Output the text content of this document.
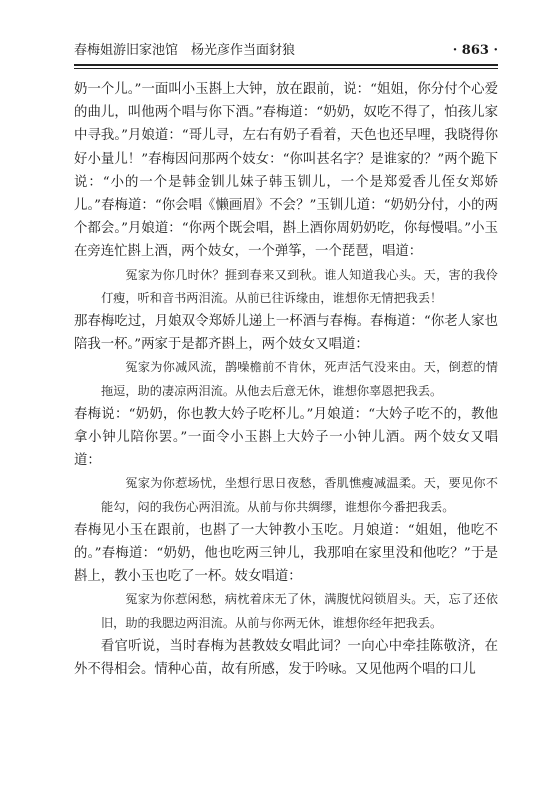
春梅姐游旧家池馆　杨光彦作当面豺狼	· 863 ·

奶一个儿。”一面叫小玉斟上大钟，放在跟前，说：“姐姐，你分付个心爱的曲儿，叫他两个唱与你下酒。”春梅道：“奶奶，奴吃不得了，怕孩儿家中寻我。”月娘道：“哥儿寻，左右有奶子看着，天色也还早哩，我晓得你好小量儿！”春梅因问那两个妓女：“你叫甚名字？是谁家的？”两个跪下说：“小的一个是韩金钏儿妹子韩玉钏儿，一个是郑爱香儿侄女郑娇儿。”春梅道：“你会唱《懒画眉》不会？”玉钏儿道：“奶奶分付，小的两个都会。”月娘道：“你两个既会唱，斟上酒你周奶奶吃，你每慢唱。”小玉在旁连忙斟上酒，两个妓女，一个弹筝，一个琵琶，唱道：

冤家为你几时休？捱到春来又到秋。谁人知道我心头。天，害的我伶仃瘦，听和音书两泪流。从前已往诉缘由，谁想你无情把我丢！

那春梅吃过，月娘双令郑娇儿递上一杯酒与春梅。春梅道：“你老人家也陪我一杯。”两家于是都齐斟上，两个妓女又唱道：

冤家为你减风流，鹊噪檐前不肯休，死声活气没来由。天，倒惹的情拖逗，助的凄凉两泪流。从他去后意无休，谁想你辜恩把我丢。

春梅说：“奶奶，你也教大妗子吃杯儿。”月娘道：“大妗子吃不的，教他拿小钟儿陪你罢。”一面令小玉斟上大妗子一小钟儿酒。两个妓女又唱道：

冤家为你惹场忧，坐想行思日夜愁，香肌憔瘦减温柔。天，要见你不能勾，闷的我伤心两泪流。从前与你共绸缪，谁想你今番把我丢。

春梅见小玉在跟前，也斟了一大钟教小玉吃。月娘道：“姐姐，他吃不的。”春梅道：“奶奶，他也吃两三钟儿，我那咱在家里没和他吃？”于是斟上，教小玉也吃了一杯。妓女唱道：

冤家为你惹闲愁，病枕着床无了休，满腹忧闷锁眉头。天，忘了还依旧，助的我腮边两泪流。从前与你两无休，谁想你经年把我丢。

看官听说，当时春梅为甚教妓女唱此词？一向心中牵挂陈敬济，在外不得相会。情种心苗，故有所感，发于吟咏。又见他两个唱的口儿
